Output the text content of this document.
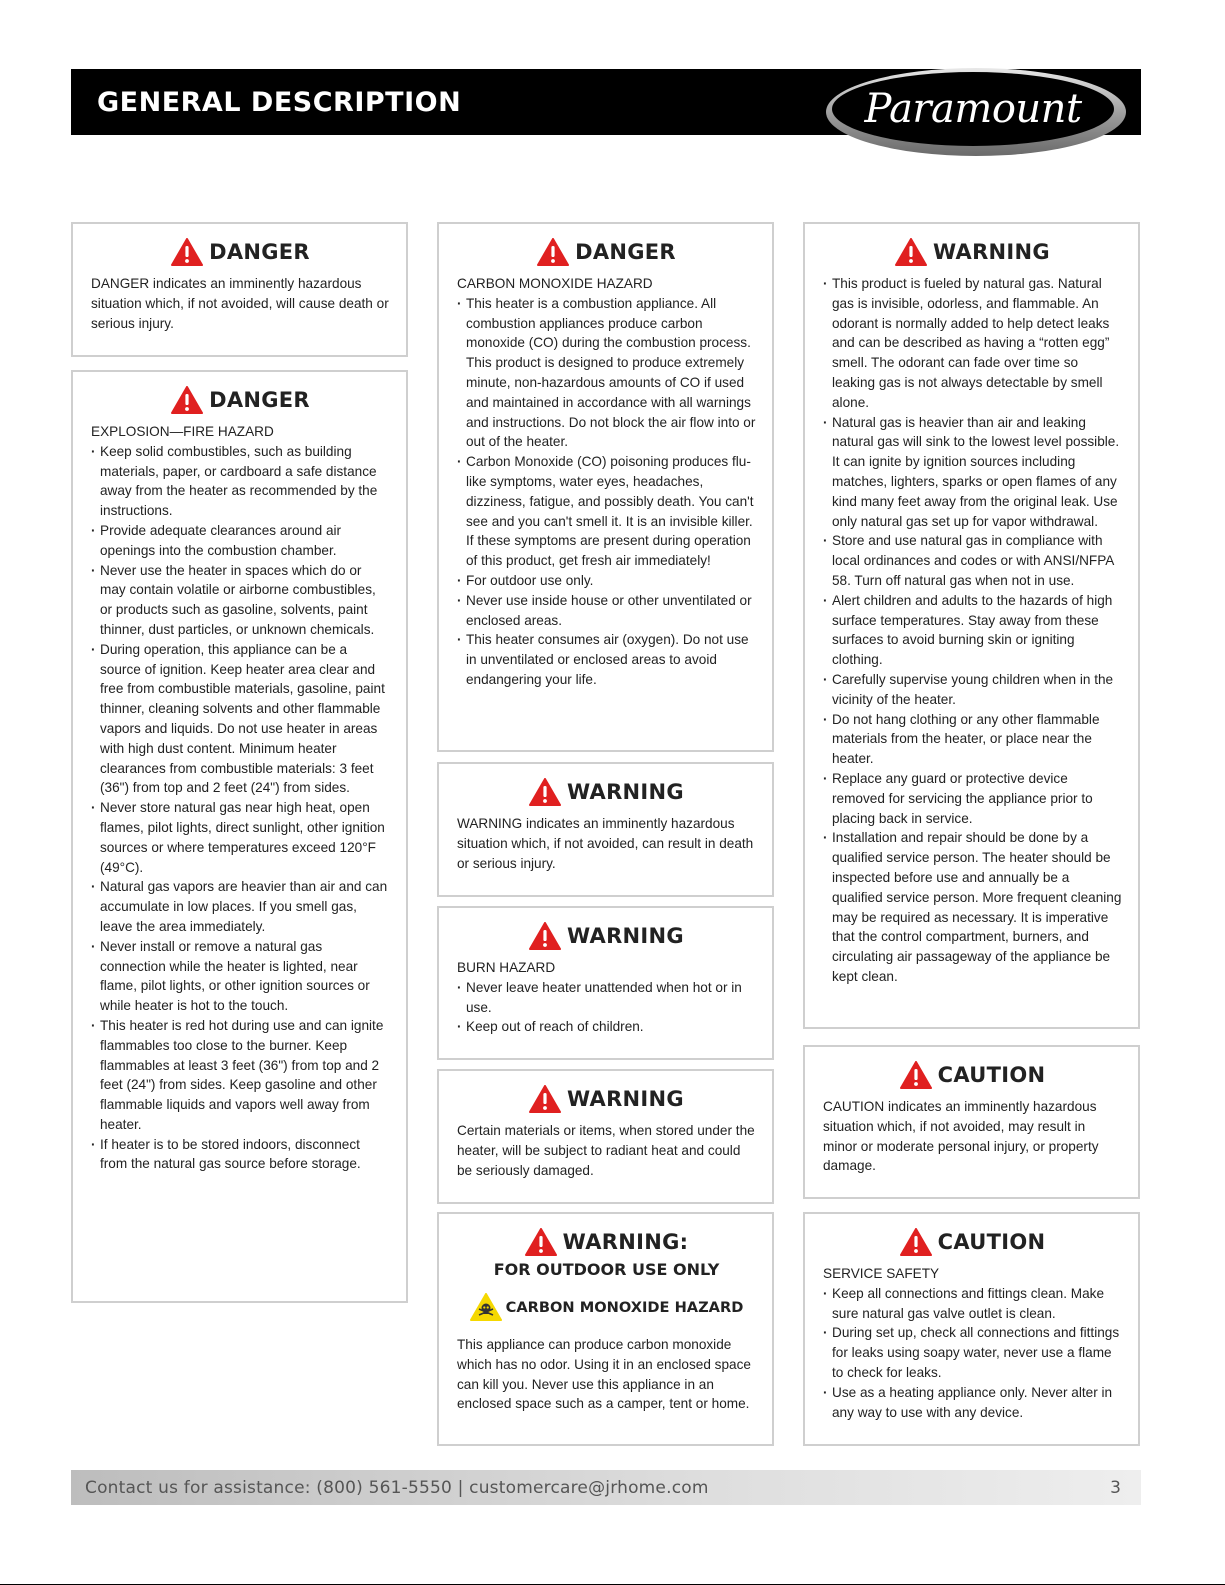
GENERAL DESCRIPTION	Paramount
DANGER

DANGER indicates an imminently hazardous situation which, if not avoided, will cause death or serious injury.

DANGER
EXPLOSION—FIRE HAZARD
· Keep solid combustibles, such as building materials, paper, or cardboard a safe distance away from the heater as recommended by the instructions.
· Provide adequate clearances around air openings into the combustion chamber.
· Never use the heater in spaces which do or may contain volatile or airborne combustibles, or products such as gasoline, solvents, paint thinner, dust particles, or unknown chemicals.
· During operation, this appliance can be a source of ignition. Keep heater area clear and free from combustible materials, gasoline, paint thinner, cleaning solvents and other flammable vapors and liquids. Do not use heater in areas with high dust content. Minimum heater clearances from combustible materials: 3 feet (36") from top and 2 feet (24") from sides.
· Never store natural gas near high heat, open flames, pilot lights, direct sunlight, other ignition sources or where temperatures exceed 120°F (49°C).
· Natural gas vapors are heavier than air and can accumulate in low places. If you smell gas, leave the area immediately.
· Never install or remove a natural gas connection while the heater is lighted, near flame, pilot lights, or other ignition sources or while heater is hot to the touch.
· This heater is red hot during use and can ignite flammables too close to the burner. Keep flammables at least 3 feet (36") from top and 2 feet (24") from sides. Keep gasoline and other flammable liquids and vapors well away from heater.
· If heater is to be stored indoors, disconnect from the natural gas source before storage.
DANGER
CARBON MONOXIDE HAZARD
· This heater is a combustion appliance. All combustion appliances produce carbon monoxide (CO) during the combustion process. This product is designed to produce extremely minute, non-hazardous amounts of CO if used and maintained in accordance with all warnings and instructions. Do not block the air flow into or out of the heater.
· Carbon Monoxide (CO) poisoning produces flu-like symptoms, water eyes, headaches, dizziness, fatigue, and possibly death. You can't see and you can't smell it. It is an invisible killer. If these symptoms are present during operation of this product, get fresh air immediately!
· For outdoor use only.
· Never use inside house or other unventilated or enclosed areas.
· This heater consumes air (oxygen). Do not use in unventilated or enclosed areas to avoid endangering your life.
WARNING

WARNING indicates an imminently hazardous situation which, if not avoided, can result in death or serious injury.

WARNING
BURN HAZARD
· Never leave heater unattended when hot or in use.
· Keep out of reach of children.
WARNING

Certain materials or items, when stored under the heater, will be subject to radiant heat and could be seriously damaged.

WARNING:
FOR OUTDOOR USE ONLY
CARBON MONOXIDE HAZARD

This appliance can produce carbon monoxide which has no odor. Using it in an enclosed space can kill you. Never use this appliance in an enclosed space such as a camper, tent or home.

WARNING
· This product is fueled by natural gas. Natural gas is invisible, odorless, and flammable. An odorant is normally added to help detect leaks and can be described as having a “rotten egg” smell. The odorant can fade over time so leaking gas is not always detectable by smell alone.
· Natural gas is heavier than air and leaking natural gas will sink to the lowest level possible. It can ignite by ignition sources including matches, lighters, sparks or open flames of any kind many feet away from the original leak. Use only natural gas set up for vapor withdrawal.
· Store and use natural gas in compliance with local ordinances and codes or with ANSI/NFPA 58. Turn off natural gas when not in use.
· Alert children and adults to the hazards of high surface temperatures. Stay away from these surfaces to avoid burning skin or igniting clothing.
· Carefully supervise young children when in the vicinity of the heater.
· Do not hang clothing or any other flammable materials from the heater, or place near the heater.
· Replace any guard or protective device removed for servicing the appliance prior to placing back in service.
· Installation and repair should be done by a qualified service person. The heater should be inspected before use and annually be a qualified service person. More frequent cleaning may be required as necessary. It is imperative that the control compartment, burners, and circulating air passageway of the appliance be kept clean.
CAUTION

CAUTION indicates an imminently hazardous situation which, if not avoided, may result in minor or moderate personal injury, or property damage.

CAUTION
SERVICE SAFETY
· Keep all connections and fittings clean. Make sure natural gas valve outlet is clean.
· During set up, check all connections and fittings for leaks using soapy water, never use a flame to check for leaks.
· Use as a heating appliance only. Never alter in any way to use with any device.
Contact us for assistance: (800) 561-5550 | customercare@jrhome.com	3
